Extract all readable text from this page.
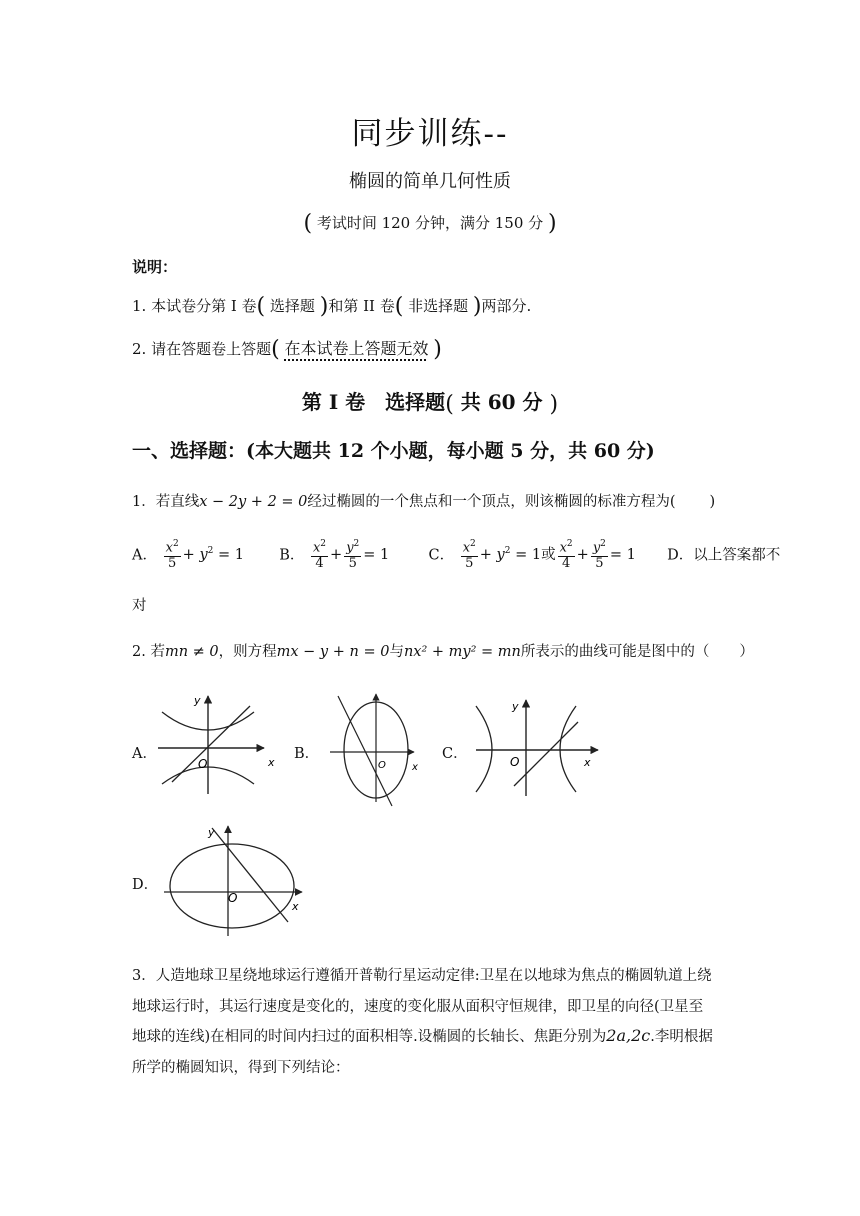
同步训练--
椭圆的简单几何性质
( 考试时间 120 分钟，满分 150 分 )
说明：
1. 本试卷分第 I 卷( 选择题 )和第 II 卷( 非选择题 )两部分.
2. 请在答题卷上答题( 在本试卷上答题无效 )
第 I 卷　选择题( 共 60 分 )
一、选择题：(本大题共 12 个小题，每小题 5 分，共 60 分)
1．若直线x − 2y + 2 = 0经过椭圆的一个焦点和一个顶点，则该椭圆的标准方程为( )
A． $\frac{x^2}{5} + y^2 = 1$  B． $\frac{x^2}{4} + \frac{y^2}{5} = 1$  C． $\frac{x^2}{5} + y^2 = 1$或 $\frac{x^2}{4} + \frac{y^2}{5} = 1$  D．以上答案都不
对
2. 若mn ≠ 0，则方程mx − y + n = 0与nx² + my² = mn所表示的曲线可能是图中的（ ）
A．	B．	C．
D．
O	x
y
O	x	O	x
y
O
x
y
3．人造地球卫星绕地球运行遵循开普勒行星运动定律:卫星在以地球为焦点的椭圆轨道上绕
地球运行时，其运行速度是变化的，速度的变化服从面积守恒规律，即卫星的向径(卫星至
地球的连线)在相同的时间内扫过的面积相等.设椭圆的长轴长、焦距分别为2a,2c.李明根据
所学的椭圆知识，得到下列结论：
